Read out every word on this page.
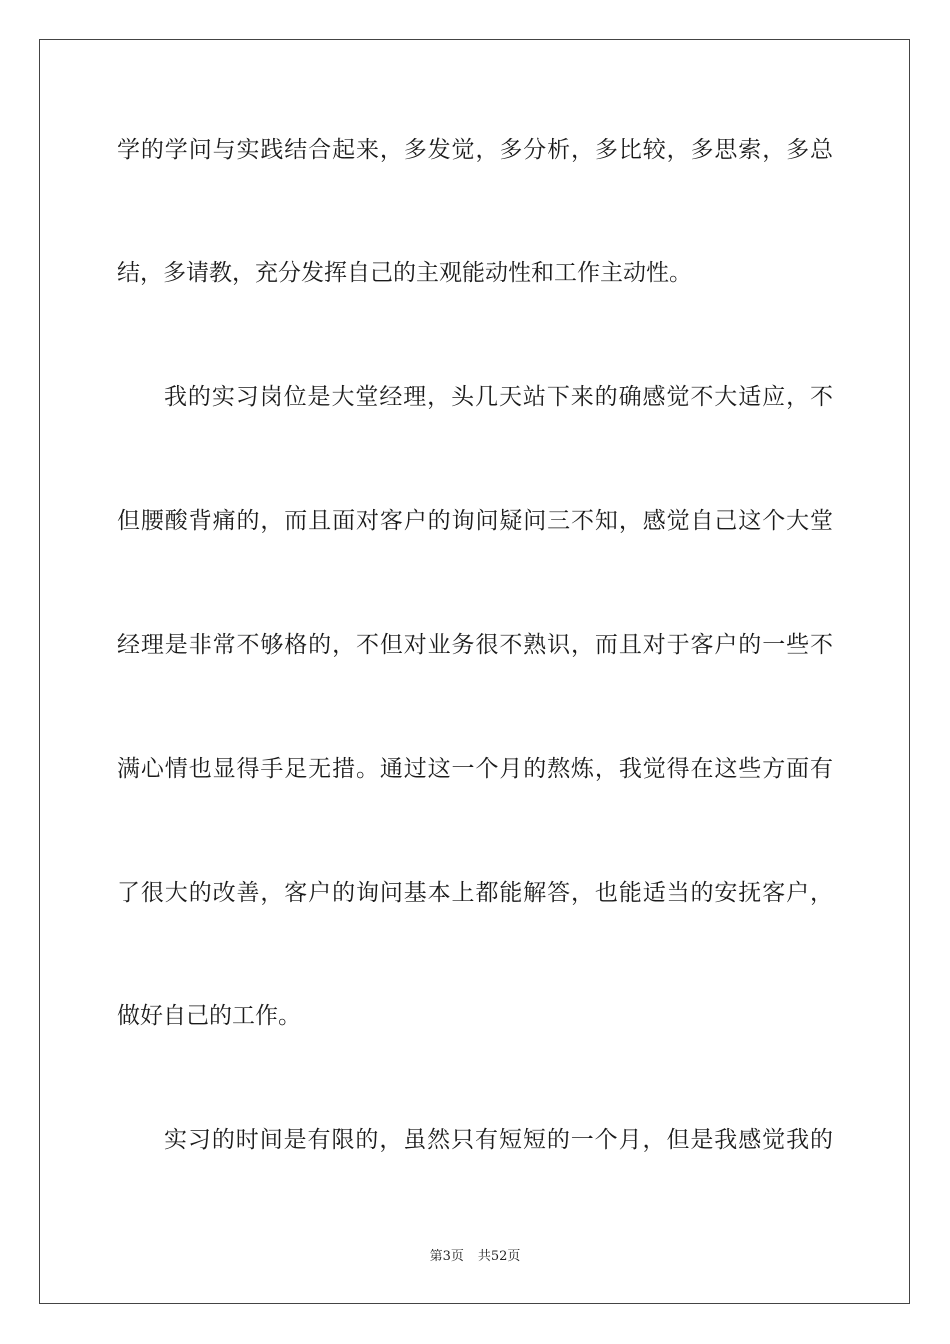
学的学问与实践结合起来，多发觉，多分析，多比较，多思索，多总
结，多请教，充分发挥自己的主观能动性和工作主动性。
我的实习岗位是大堂经理，头几天站下来的确感觉不大适应，不
但腰酸背痛的，而且面对客户的询问疑问三不知，感觉自己这个大堂
经理是非常不够格的，不但对业务很不熟识，而且对于客户的一些不
满心情也显得手足无措。通过这一个月的熬炼，我觉得在这些方面有
了很大的改善，客户的询问基本上都能解答，也能适当的安抚客户，
做好自己的工作。
实习的时间是有限的，虽然只有短短的一个月，但是我感觉我的
第3页 共52页
